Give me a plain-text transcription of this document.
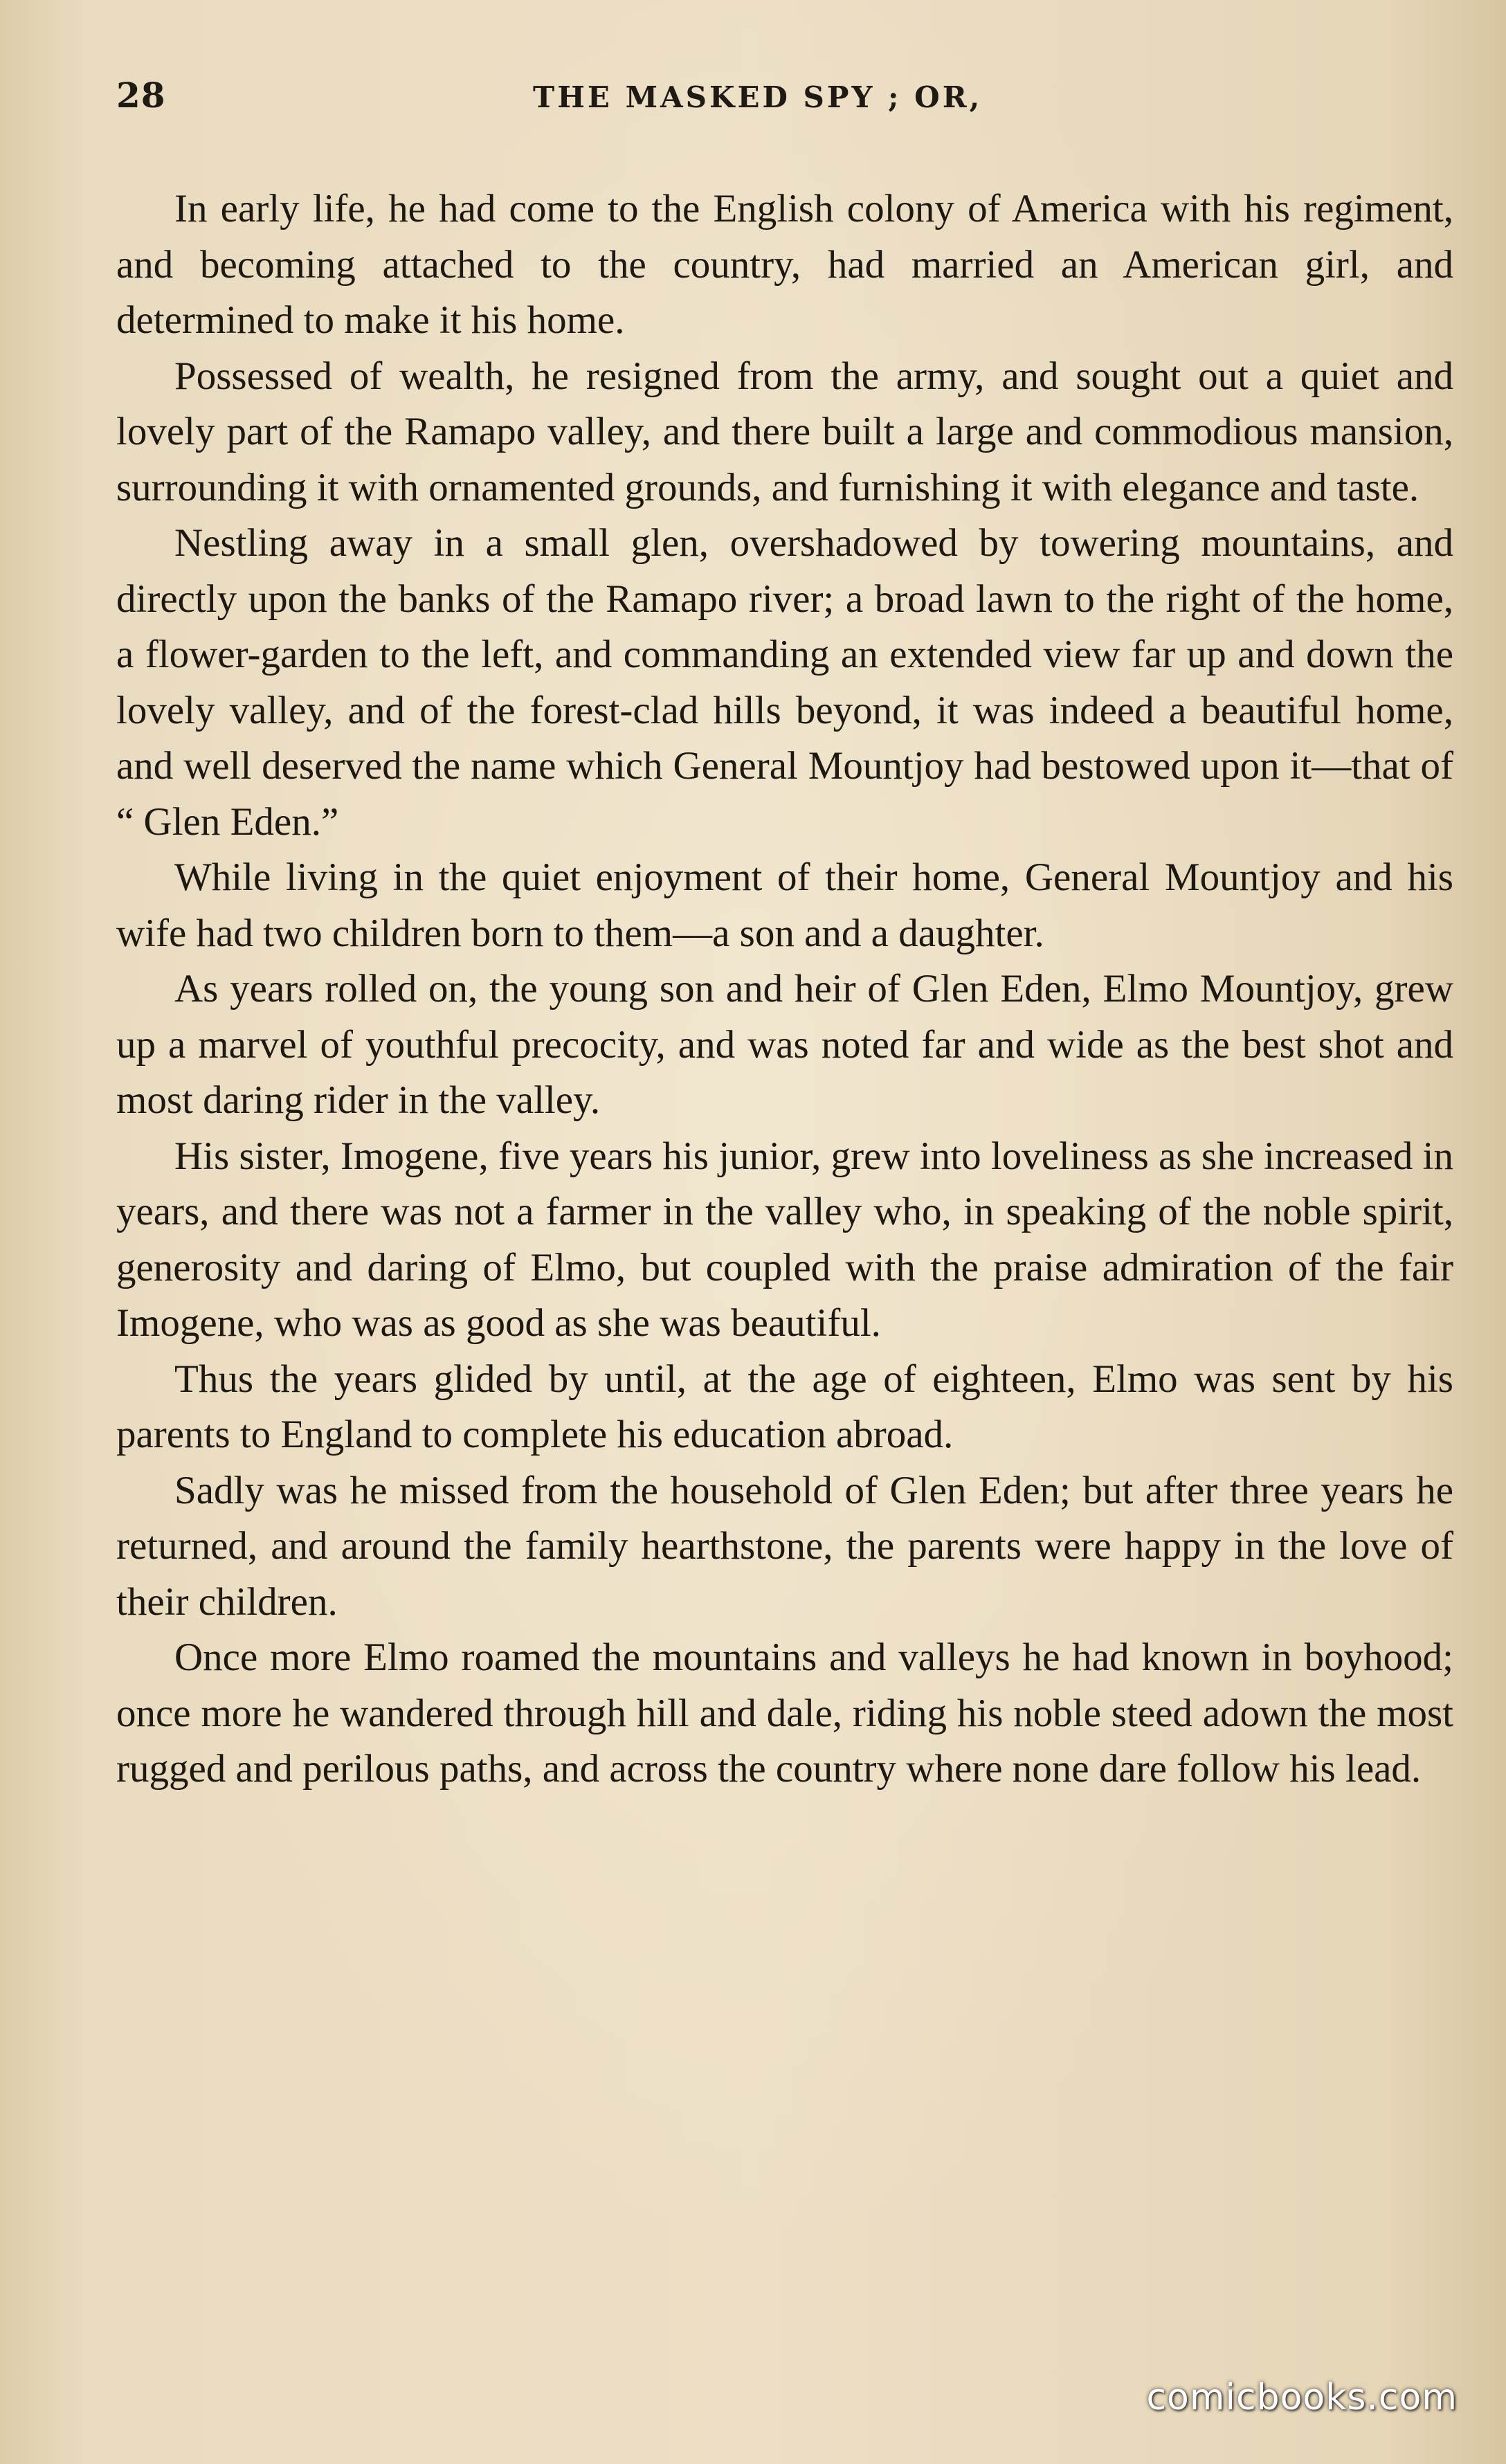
28	THE MASKED SPY ; OR,

In early life, he had come to the English colony of America with his regiment, and becoming attached to the country, had married an American girl, and determined to make it his home.

Possessed of wealth, he resigned from the army, and sought out a quiet and lovely part of the Ramapo valley, and there built a large and commodious mansion, surrounding it with ornamented grounds, and furnishing it with elegance and taste.

Nestling away in a small glen, overshadowed by towering mountains, and directly upon the banks of the Ramapo river; a broad lawn to the right of the home, a flower-garden to the left, and commanding an extended view far up and down the lovely valley, and of the forest-clad hills beyond, it was indeed a beautiful home, and well deserved the name which General Mountjoy had bestowed upon it—that of “ Glen Eden.”

While living in the quiet enjoyment of their home, General Mountjoy and his wife had two children born to them—a son and a daughter.

As years rolled on, the young son and heir of Glen Eden, Elmo Mountjoy, grew up a marvel of youthful precocity, and was noted far and wide as the best shot and most daring rider in the valley.

His sister, Imogene, five years his junior, grew into loveliness as she increased in years, and there was not a farmer in the valley who, in speaking of the noble spirit, generosity and daring of Elmo, but coupled with the praise admiration of the fair Imogene, who was as good as she was beautiful.

Thus the years glided by until, at the age of eighteen, Elmo was sent by his parents to England to complete his education abroad.

Sadly was he missed from the household of Glen Eden; but after three years he returned, and around the family hearthstone, the parents were happy in the love of their children.

Once more Elmo roamed the mountains and valleys he had known in boyhood; once more he wandered through hill and dale, riding his noble steed adown the most rugged and perilous paths, and across the country where none dare follow his lead.

comicbooks.com
